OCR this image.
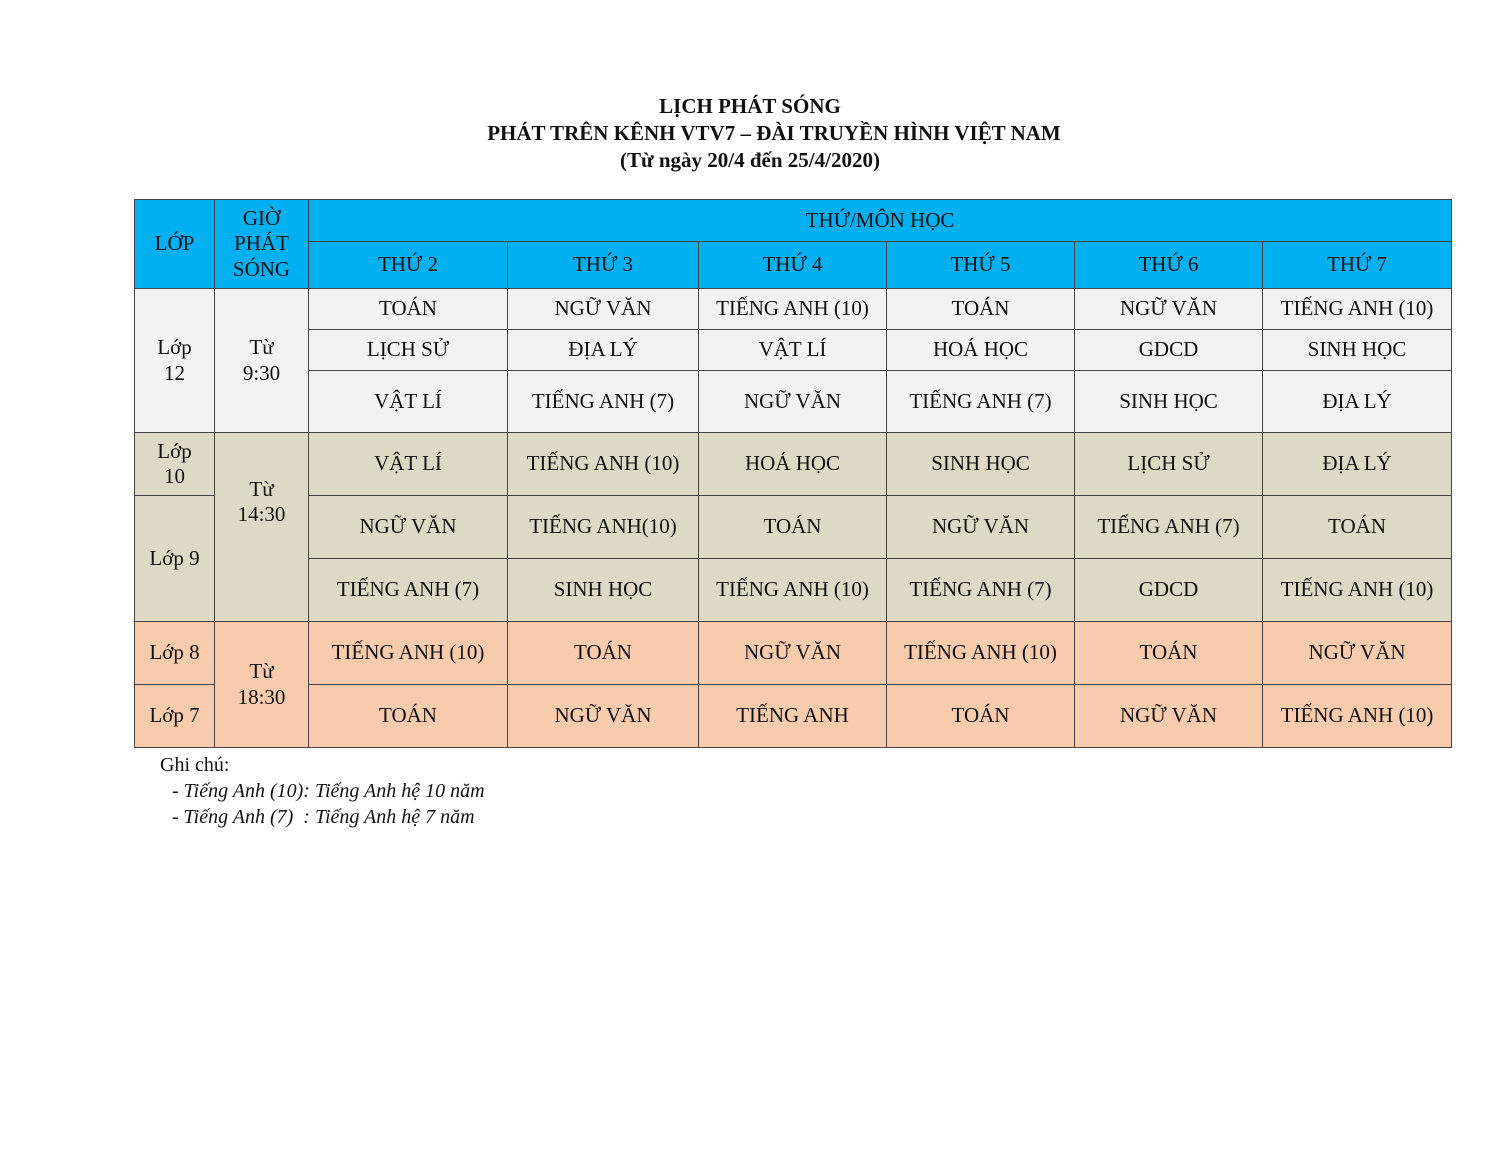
LỊCH PHÁT SÓNG
PHÁT TRÊN KÊNH VTV7 – ĐÀI TRUYỀN HÌNH VIỆT NAM
(Từ ngày 20/4 đến 25/4/2020)
LỚP	GIỜ PHÁT SÓNG	THỨ/MÔN HỌC					
		THỨ 2	THỨ 3	THỨ 4	THỨ 5	THỨ 6	THỨ 7
Lớp 12	Từ 9:30	TOÁN	NGỮ VĂN	TIẾNG ANH (10)	TOÁN	NGỮ VĂN	TIẾNG ANH (10)
		LỊCH SỬ	ĐỊA LÝ	VẬT LÍ	HOÁ HỌC	GDCD	SINH HỌC
		VẬT LÍ	TIẾNG ANH (7)	NGỮ VĂN	TIẾNG ANH (7)	SINH HỌC	ĐỊA LÝ
Lớp 10	Từ 14:30	VẬT LÍ	TIẾNG ANH (10)	HOÁ HỌC	SINH HỌC	LỊCH SỬ	ĐỊA LÝ
Lớp 9		NGỮ VĂN	TIẾNG ANH(10)	TOÁN	NGỮ VĂN	TIẾNG ANH (7)	TOÁN
		TIẾNG ANH (7)	SINH HỌC	TIẾNG ANH (10)	TIẾNG ANH (7)	GDCD	TIẾNG ANH (10)
Lớp 8	Từ 18:30	TIẾNG ANH (10)	TOÁN	NGỮ VĂN	TIẾNG ANH (10)	TOÁN	NGỮ VĂN
Lớp 7		TOÁN	NGỮ VĂN	TIẾNG ANH	TOÁN	NGỮ VĂN	TIẾNG ANH (10)
Ghi chú:
- Tiếng Anh (10): Tiếng Anh hệ 10 năm
- Tiếng Anh (7)  : Tiếng Anh hệ 7 năm
